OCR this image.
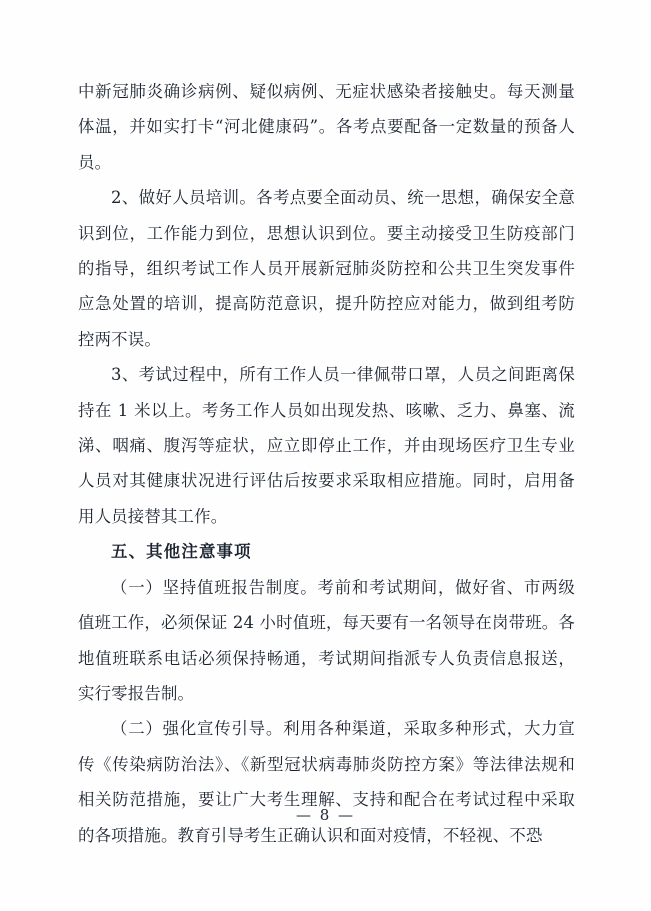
中新冠肺炎确诊病例、疑似病例、无症状感染者接触史。每天测量体温，并如实打卡“河北健康码”。各考点要配备一定数量的预备人员。

2、做好人员培训。各考点要全面动员、统一思想，确保安全意识到位，工作能力到位，思想认识到位。要主动接受卫生防疫部门的指导，组织考试工作人员开展新冠肺炎防控和公共卫生突发事件应急处置的培训，提高防范意识，提升防控应对能力，做到组考防控两不误。

3、考试过程中，所有工作人员一律佩带口罩，人员之间距离保持在 1 米以上。考务工作人员如出现发热、咳嗽、乏力、鼻塞、流涕、咽痛、腹泻等症状，应立即停止工作，并由现场医疗卫生专业人员对其健康状况进行评估后按要求采取相应措施。同时，启用备用人员接替其工作。

五、其他注意事项

（一）坚持值班报告制度。考前和考试期间，做好省、市两级值班工作，必须保证 24 小时值班，每天要有一名领导在岗带班。各地值班联系电话必须保持畅通，考试期间指派专人负责信息报送，实行零报告制。

（二）强化宣传引导。利用各种渠道，采取多种形式，大力宣传《传染病防治法》、《新型冠状病毒肺炎防控方案》等法律法规和相关防范措施，要让广大考生理解、支持和配合在考试过程中采取的各项措施。教育引导考生正确认识和面对疫情，不轻视、不恐

— 8 —
